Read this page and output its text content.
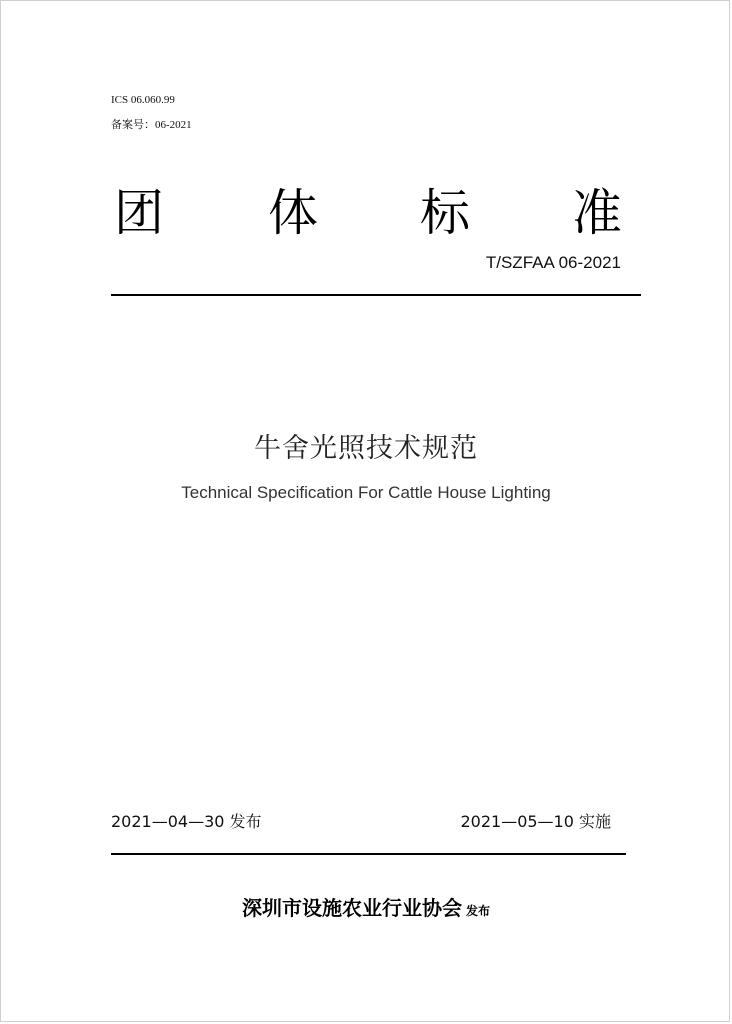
ICS 06.060.99
备案号：06-2021
团 体 标 准
T/SZFAA 06-2021
牛舍光照技术规范
Technical Specification For Cattle House Lighting
2021—04—30 发布	2021—05—10 实施
深圳市设施农业行业协会 发布
